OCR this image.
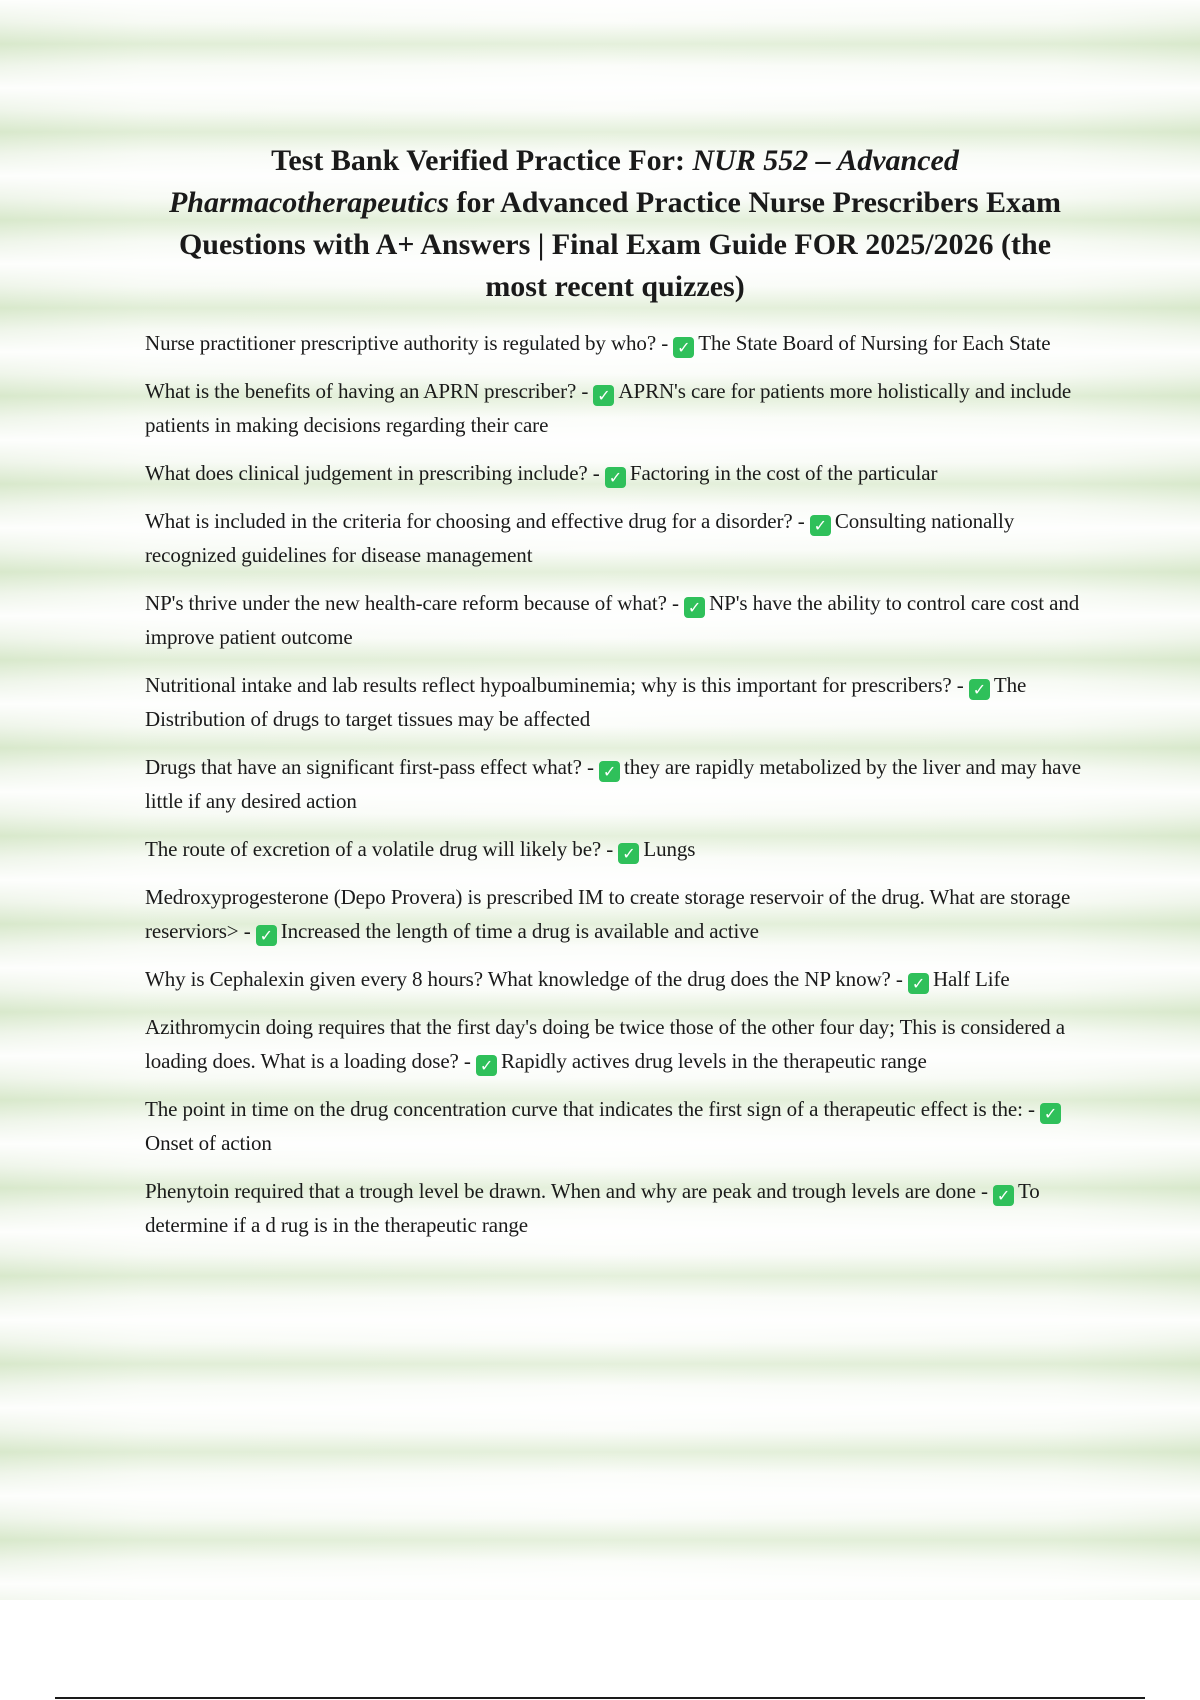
Test Bank Verified Practice For: NUR 552 – Advanced Pharmacotherapeutics for Advanced Practice Nurse Prescribers Exam Questions with A+ Answers | Final Exam Guide FOR 2025/2026 (the most recent quizzes)

Nurse practitioner prescriptive authority is regulated by who? - ✓ The State Board of Nursing for Each State

What is the benefits of having an APRN prescriber? - ✓ APRN's care for patients more holistically and include patients in making decisions regarding their care

What does clinical judgement in prescribing include? - ✓ Factoring in the cost of the particular

What is included in the criteria for choosing and effective drug for a disorder? - ✓ Consulting nationally recognized guidelines for disease management

NP's thrive under the new health-care reform because of what? - ✓ NP's have the ability to control care cost and improve patient outcome

Nutritional intake and lab results reflect hypoalbuminemia; why is this important for prescribers? - ✓ The Distribution of drugs to target tissues may be affected

Drugs that have an significant first-pass effect what? - ✓ they are rapidly metabolized by the liver and may have little if any desired action

The route of excretion of a volatile drug will likely be? - ✓ Lungs

Medroxyprogesterone (Depo Provera) is prescribed IM to create storage reservoir of the drug. What are storage reserviors> - ✓ Increased the length of time a drug is available and active

Why is Cephalexin given every 8 hours? What knowledge of the drug does the NP know? - ✓ Half Life

Azithromycin doing requires that the first day's doing be twice those of the other four day; This is considered a loading does. What is a loading dose? - ✓ Rapidly actives drug levels in the therapeutic range

The point in time on the drug concentration curve that indicates the first sign of a therapeutic effect is the: - ✓Onset of action

Phenytoin required that a trough level be drawn. When and why are peak and trough levels are done - ✓ To determine if a d rug is in the therapeutic range
